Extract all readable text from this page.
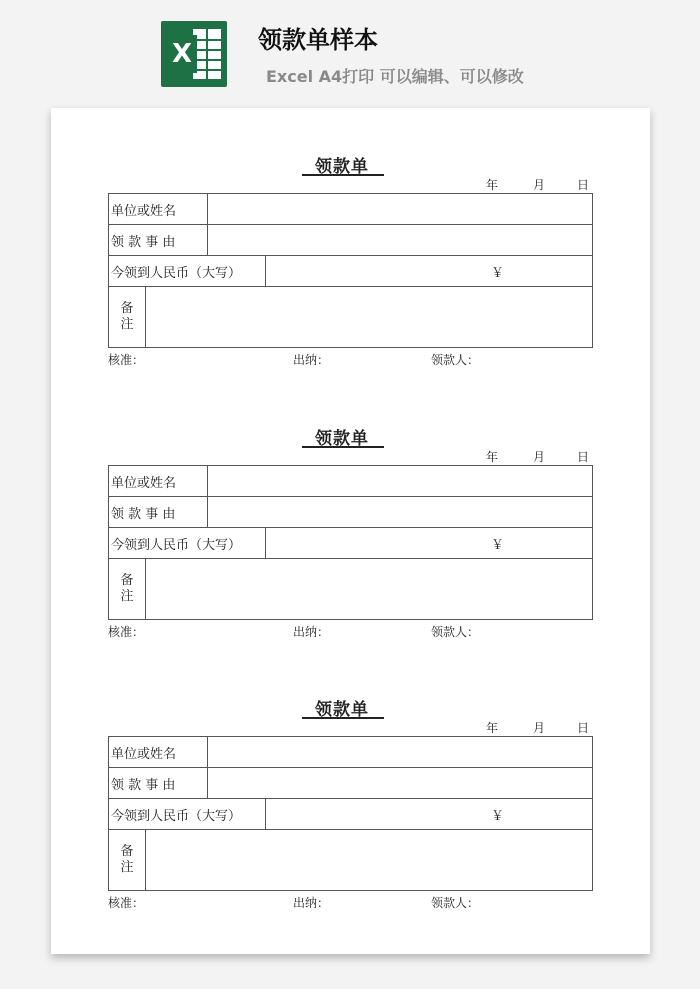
X	领款单样本
Excel A4打印 可以编辑、可以修改
领款单
年	月	日
单位或姓名
领 款 事 由
今领到人民币（大写）	￥
备
注
核准：	出纳：	领款人：
领款单
年	月	日
单位或姓名
领 款 事 由
今领到人民币（大写）	￥
备
注
核准：	出纳：	领款人：
领款单
年	月	日
单位或姓名
领 款 事 由
今领到人民币（大写）	￥
备
注
核准：	出纳：	领款人：
